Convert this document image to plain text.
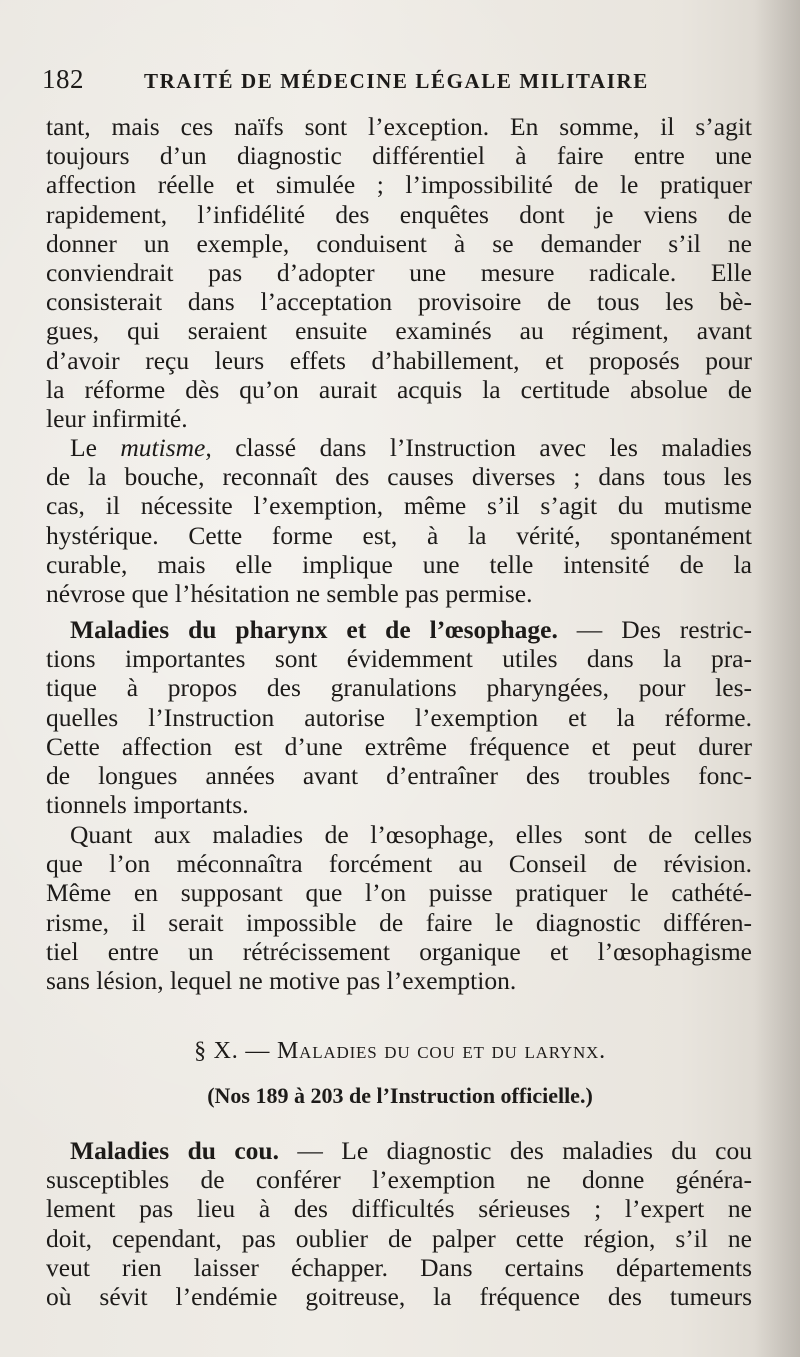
182	TRAITÉ DE MÉDECINE LÉGALE MILITAIRE
tant, mais ces naïfs sont l’exception. En somme, il s’agit
toujours d’un diagnostic différentiel à faire entre une
affection réelle et simulée ; l’impossibilité de le pratiquer
rapidement, l’infidélité des enquêtes dont je viens de
donner un exemple, conduisent à se demander s’il ne
conviendrait pas d’adopter une mesure radicale. Elle
consisterait dans l’acceptation provisoire de tous les bè-
gues, qui seraient ensuite examinés au régiment, avant
d’avoir reçu leurs effets d’habillement, et proposés pour
la réforme dès qu’on aurait acquis la certitude absolue de
leur infirmité.
Le mutisme, classé dans l’Instruction avec les maladies
de la bouche, reconnaît des causes diverses ; dans tous les
cas, il nécessite l’exemption, même s’il s’agit du mutisme
hystérique. Cette forme est, à la vérité, spontanément
curable, mais elle implique une telle intensité de la
névrose que l’hésitation ne semble pas permise.
Maladies du pharynx et de l’œsophage. — Des restric-
tions importantes sont évidemment utiles dans la pra-
tique à propos des granulations pharyngées, pour les-
quelles l’Instruction autorise l’exemption et la réforme.
Cette affection est d’une extrême fréquence et peut durer
de longues années avant d’entraîner des troubles fonc-
tionnels importants.
Quant aux maladies de l’œsophage, elles sont de celles
que l’on méconnaîtra forcément au Conseil de révision.
Même en supposant que l’on puisse pratiquer le cathété-
risme, il serait impossible de faire le diagnostic différen-
tiel entre un rétrécissement organique et l’œsophagisme
sans lésion, lequel ne motive pas l’exemption.
§ X. — Maladies du cou et du larynx.
(Nos 189 à 203 de l’Instruction officielle.)
Maladies du cou. — Le diagnostic des maladies du cou
susceptibles de conférer l’exemption ne donne généra-
lement pas lieu à des difficultés sérieuses ; l’expert ne
doit, cependant, pas oublier de palper cette région, s’il ne
veut rien laisser échapper. Dans certains départements
où sévit l’endémie goitreuse, la fréquence des tumeurs
